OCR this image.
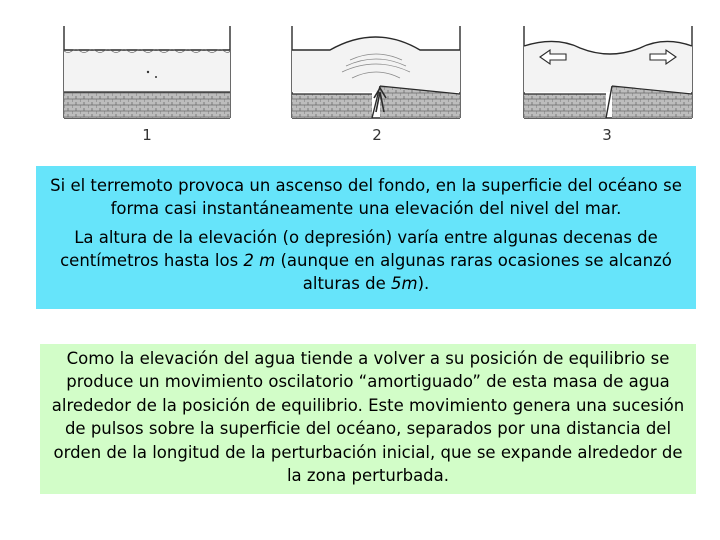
1	2	3

Si el terremoto provoca un ascenso del fondo, en la superficie del océano se forma casi instantáneamente una elevación del nivel del mar.

La altura de la elevación (o depresión) varía entre algunas decenas de centímetros hasta los 2 m (aunque en algunas raras ocasiones se alcanzó alturas de 5m).

Como la elevación del agua tiende a volver a su posición de equilibrio se produce un movimiento oscilatorio “amortiguado” de esta masa de agua alrededor de la posición de equilibrio. Este movimiento genera una sucesión de pulsos sobre la superficie del océano, separados por una distancia del orden de la longitud de la perturbación inicial, que se expande alrededor de la zona perturbada.
